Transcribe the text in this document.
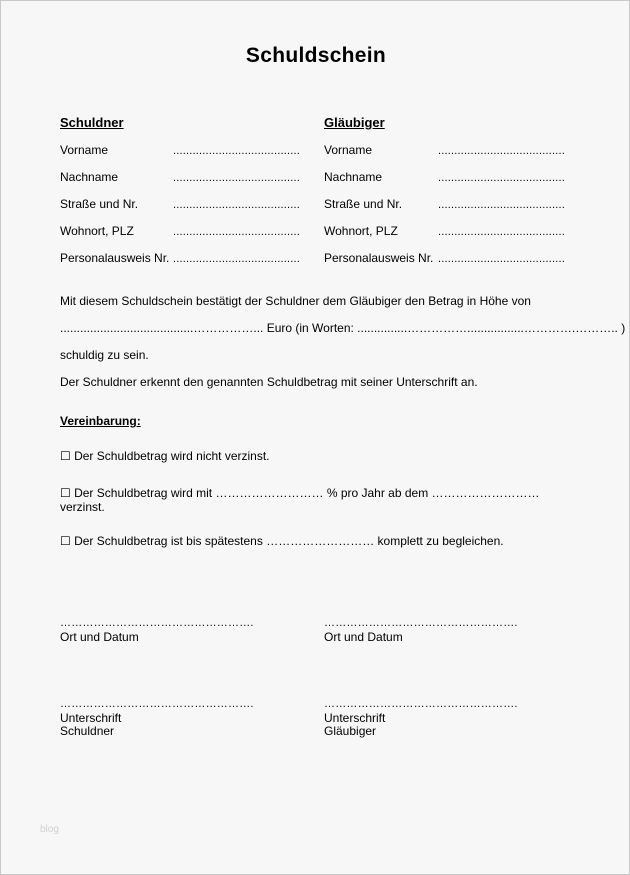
Schuldschein
Schuldner
Vorname	.......................................
Nachname	.......................................
Straße und Nr.	.......................................
Wohnort, PLZ	.......................................
Personalausweis Nr. .......................................
Gläubiger
Vorname	.......................................
Nachname	.......................................
Straße und Nr.	.......................................
Wohnort, PLZ	.......................................
Personalausweis Nr. .......................................
Mit diesem Schuldschein bestätigt der Schuldner dem Gläubiger den Betrag in Höhe von
........................................……………... Euro (in Worten: ...............…………….................………….……….. )
schuldig zu sein.
Der Schuldner erkennt den genannten Schuldbetrag mit seiner Unterschrift an.
Vereinbarung:
☐ Der Schuldbetrag wird nicht verzinst.
☐ Der Schuldbetrag wird mit ……………………… % pro Jahr ab dem ………………………
verzinst.
☐ Der Schuldbetrag ist bis spätestens ……………………… komplett zu begleichen.
…………………………………………….
Ort und Datum
…………………………………………….
Ort und Datum
…………………………………………….
Unterschrift
Schuldner
…………………………………………….
Unterschrift
Gläubiger
blog
